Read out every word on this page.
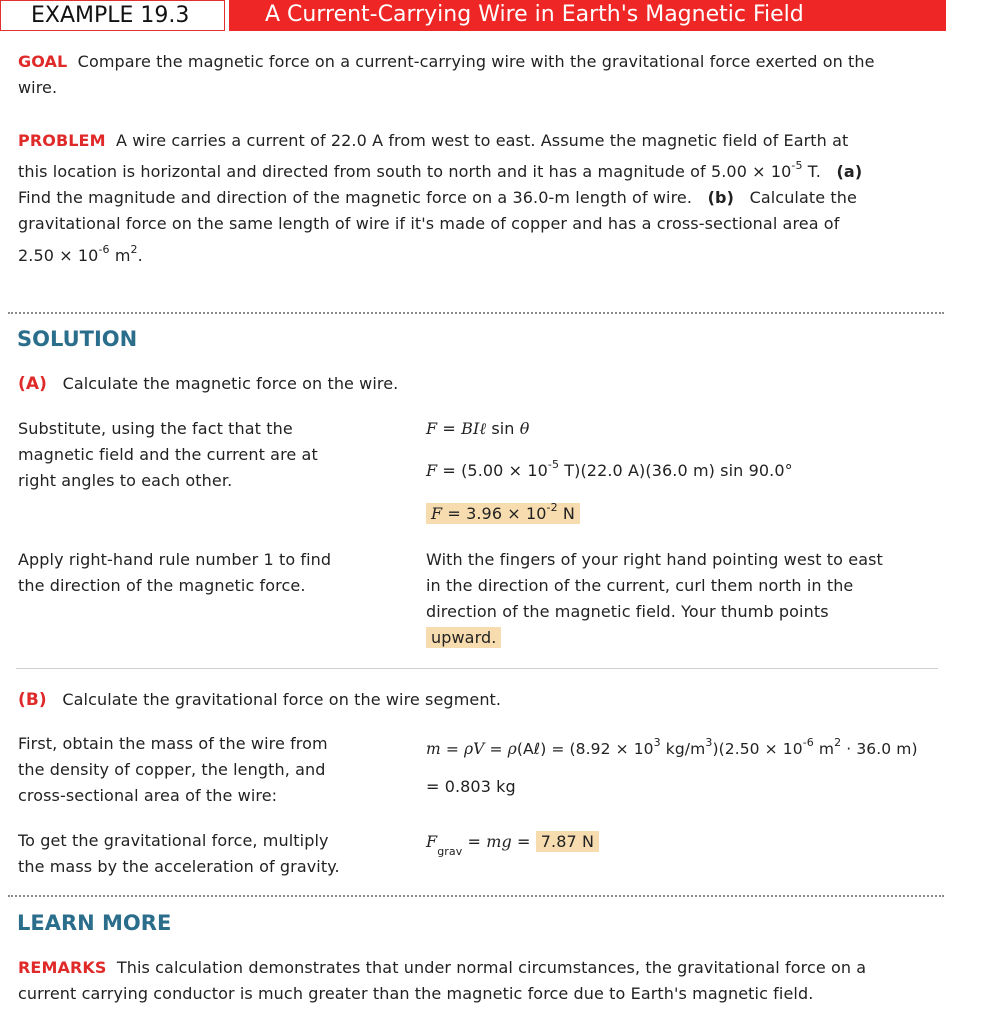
EXAMPLE 19.3	A Current-Carrying Wire in Earth's Magnetic Field
GOAL Compare the magnetic force on a current-carrying wire with the gravitational force exerted on the
wire.
PROBLEM A wire carries a current of 22.0 A from west to east. Assume the magnetic field of Earth at
this location is horizontal and directed from south to north and it has a magnitude of $5.00 \times 10^{-5}$ T. (a)
Find the magnitude and direction of the magnetic force on a 36.0-m length of wire. (b) Calculate the
gravitational force on the same length of wire if it's made of copper and has a cross-sectional area of
$2.50 \times 10^{-6}$ $m^2$.
SOLUTION
(A) Calculate the magnetic force on the wire.
Substitute, using the fact that the
magnetic field and the current are at
right angles to each other.
F = BIℓ sin θ
$F = (5.00 \times 10^{-5}$ T)(22.0 A)(36.0 m) sin 90.0°
$F = 3.96 \times 10^{-2}$ N
Apply right-hand rule number 1 to find
the direction of the magnetic force.
With the fingers of your right hand pointing west to east
in the direction of the current, curl them north in the
direction of the magnetic field. Your thumb points
upward.
(B) Calculate the gravitational force on the wire segment.
First, obtain the mass of the wire from
the density of copper, the length, and
cross-sectional area of the wire:
m = ρV = ρ(Aℓ) = ($8.92 \times 10^3$ $kg/m^3)(2.50 \times 10^{-6}$ $m^2 \cdot 36.0$ m)
= 0.803 kg
To get the gravitational force, multiply
the mass by the acceleration of gravity.
$F_{grav}$ = mg = 7.87 N
LEARN MORE
REMARKS This calculation demonstrates that under normal circumstances, the gravitational force on a
current carrying conductor is much greater than the magnetic force due to Earth's magnetic field.
